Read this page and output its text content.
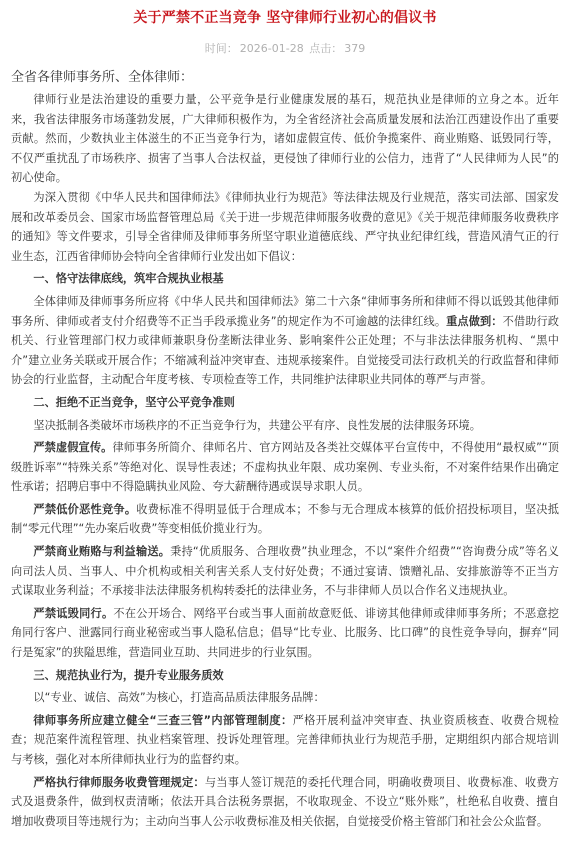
关于严禁不正当竞争 坚守律师行业初心的倡议书
时间： 2026-01-28 点击： 379
全省各律师事务所、全体律师：

律师行业是法治建设的重要力量，公平竞争是行业健康发展的基石，规范执业是律师的立身之本。近年来，我省法律服务市场蓬勃发展，广大律师积极作为，为全省经济社会高质量发展和法治江西建设作出了重要贡献。然而，少数执业主体滋生的不正当竞争行为，诸如虚假宣传、低价争揽案件、商业贿赂、诋毁同行等，不仅严重扰乱了市场秩序、损害了当事人合法权益，更侵蚀了律师行业的公信力，违背了“人民律师为人民”的初心使命。

为深入贯彻《中华人民共和国律师法》《律师执业行为规范》等法律法规及行业规范，落实司法部、国家发展和改革委员会、国家市场监督管理总局《关于进一步规范律师服务收费的意见》《关于规范律师服务收费秩序的通知》等文件要求，引导全省律师及律师事务所坚守职业道德底线、严守执业纪律红线，营造风清气正的行业生态，江西省律师协会特向全省律师行业发出如下倡议：

一、恪守法律底线，筑牢合规执业根基

全体律师及律师事务所应将《中华人民共和国律师法》第二十六条“律师事务所和律师不得以诋毁其他律师事务所、律师或者支付介绍费等不正当手段承揽业务”的规定作为不可逾越的法律红线。重点做到：不借助行政机关、行业管理部门权力或律师兼职身份垄断法律业务、影响案件公正处理；不与非法法律服务机构、“黑中介”建立业务关联或开展合作；不缩减利益冲突审查、违规承接案件。自觉接受司法行政机关的行政监督和律师协会的行业监督，主动配合年度考核、专项检查等工作，共同维护法律职业共同体的尊严与声誉。

二、拒绝不正当竞争，坚守公平竞争准则

坚决抵制各类破坏市场秩序的不正当竞争行为，共建公平有序、良性发展的法律服务环境。

严禁虚假宣传。律师事务所简介、律师名片、官方网站及各类社交媒体平台宣传中，不得使用“最权威”“顶级胜诉率”“特殊关系”等绝对化、误导性表述；不虚构执业年限、成功案例、专业头衔，不对案件结果作出确定性承诺；招聘启事中不得隐瞒执业风险、夸大薪酬待遇或误导求职人员。

严禁低价恶性竞争。收费标准不得明显低于合理成本；不参与无合理成本核算的低价招投标项目，坚决抵制“零元代理”“先办案后收费”等变相低价揽业行为。

严禁商业贿赂与利益输送。秉持“优质服务、合理收费”执业理念，不以“案件介绍费”“咨询费分成”等名义向司法人员、当事人、中介机构或相关利害关系人支付好处费；不通过宴请、馈赠礼品、安排旅游等不正当方式谋取业务利益；不承接非法法律服务机构转委托的法律业务，不与非律师人员以合作名义违规执业。

严禁诋毁同行。不在公开场合、网络平台或当事人面前故意贬低、诽谤其他律师或律师事务所；不恶意挖角同行客户、泄露同行商业秘密或当事人隐私信息；倡导“比专业、比服务、比口碑”的良性竞争导向，摒弃“同行是冤家”的狭隘思维，营造同业互助、共同进步的行业氛围。

三、规范执业行为，提升专业服务质效

以“专业、诚信、高效”为核心，打造高品质法律服务品牌：

律师事务所应建立健全“三查三管”内部管理制度：严格开展利益冲突审查、执业资质核查、收费合规检查；规范案件流程管理、执业档案管理、投诉处理管理。完善律师执业行为规范手册，定期组织内部合规培训与考核，强化对本所律师执业行为的监督约束。

严格执行律师服务收费管理规定：与当事人签订规范的委托代理合同，明确收费项目、收费标准、收费方式及退费条件，做到权责清晰；依法开具合法税务票据，不收取现金、不设立“账外账”，杜绝私自收费、擅自增加收费项目等违规行为；主动向当事人公示收费标准及相关依据，自觉接受价格主管部门和社会公众监督。
